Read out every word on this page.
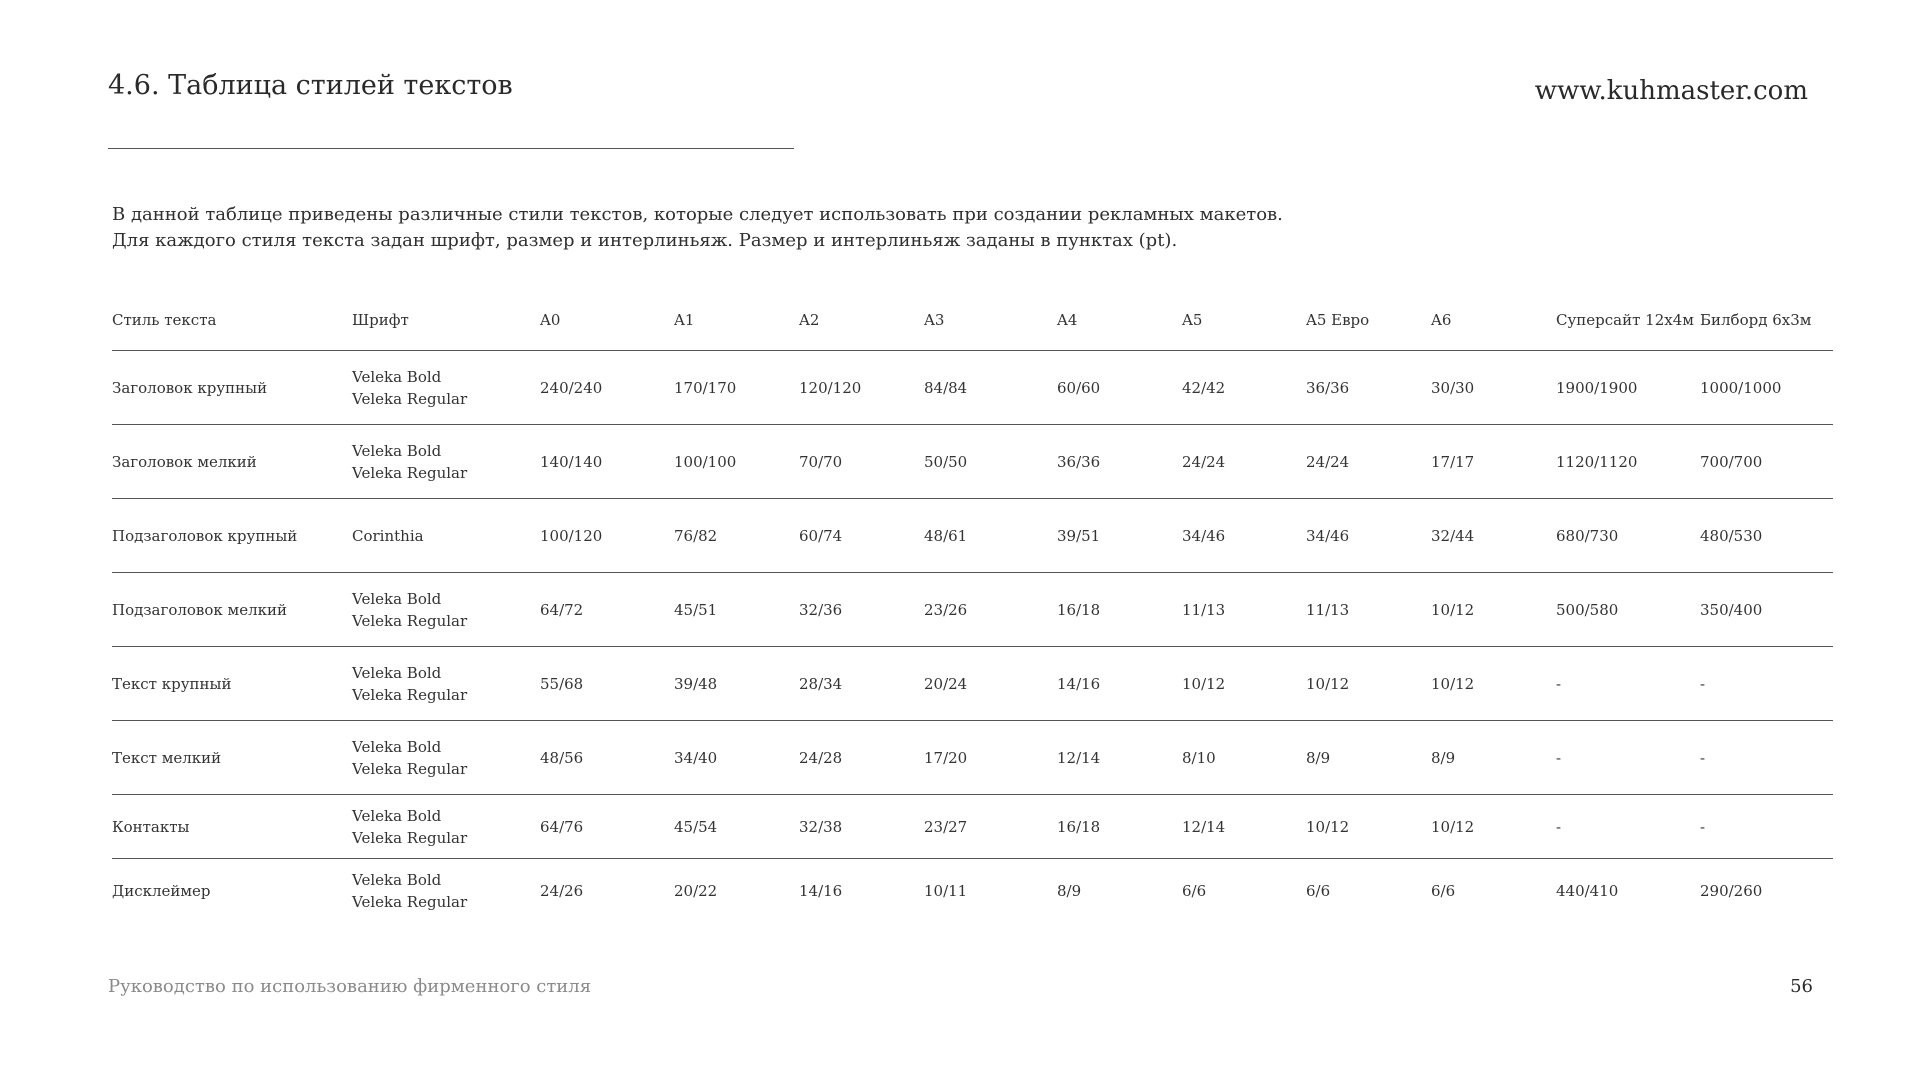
4.6. Таблица стилей текстов	www.kuhmaster.com

В данной таблице приведены различные стили текстов, которые следует использовать при создании рекламных макетов.

Для каждого стиля текста задан шрифт, размер и интерлиньяж. Размер и интерлиньяж заданы в пунктах (pt).

Стиль текста	Шрифт	A0	A1	A2	A3	A4	A5	A5 Евро	A6	Суперсайт 12х4м	Билборд 6х3м
Заголовок крупный	Veleka Bold
Veleka Regular	240/240	170/170	120/120	84/84	60/60	42/42	36/36	30/30	1900/1900	1000/1000
Заголовок мелкий	Veleka Bold
Veleka Regular	140/140	100/100	70/70	50/50	36/36	24/24	24/24	17/17	1120/1120	700/700
Подзаголовок крупный	Corinthia	100/120	76/82	60/74	48/61	39/51	34/46	34/46	32/44	680/730	480/530
Подзаголовок мелкий	Veleka Bold
Veleka Regular	64/72	45/51	32/36	23/26	16/18	11/13	11/13	10/12	500/580	350/400
Текст крупный	Veleka Bold
Veleka Regular	55/68	39/48	28/34	20/24	14/16	10/12	10/12	10/12	-	-
Текст мелкий	Veleka Bold
Veleka Regular	48/56	34/40	24/28	17/20	12/14	8/10	8/9	8/9	-	-
Контакты	Veleka Bold
Veleka Regular	64/76	45/54	32/38	23/27	16/18	12/14	10/12	10/12	-	-
Дисклеймер	Veleka Bold
Veleka Regular	24/26	20/22	14/16	10/11	8/9	6/6	6/6	6/6	440/410	290/260
Руководство по использованию фирменного стиля	56
